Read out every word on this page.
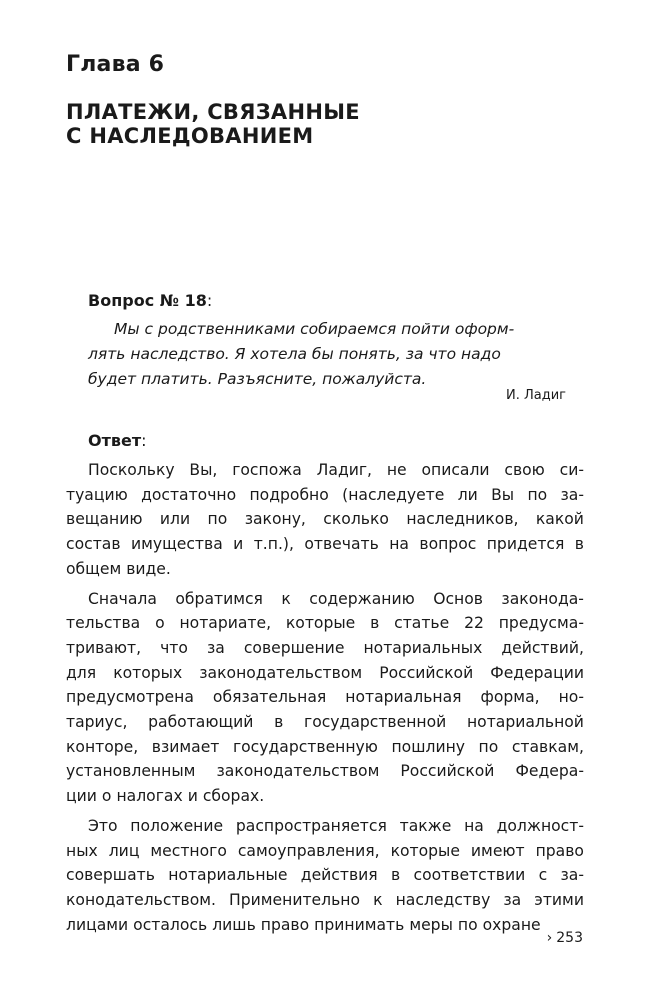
Глава 6
ПЛАТЕЖИ, СВЯЗАННЫЕ
С НАСЛЕДОВАНИЕМ
Вопрос № 18:
Мы с родственниками собираемся пойти оформ-
лять наследство. Я хотела бы понять, за что надо
будет платить. Разъясните, пожалуйста.
И. Ладиг
Ответ:
Поскольку Вы, госпожа Ладиг, не описали свою си-
туацию достаточно подробно (наследуете ли Вы по за-
вещанию или по закону, сколько наследников, какой
состав имущества и т.п.), отвечать на вопрос придется в
общем виде.
Сначала обратимся к содержанию Основ законода-
тельства о нотариате, которые в статье 22 предусма-
тривают, что за совершение нотариальных действий,
для которых законодательством Российской Федерации
предусмотрена обязательная нотариальная форма, но-
тариус, работающий в государственной нотариальной
конторе, взимает государственную пошлину по ставкам,
установленным законодательством Российской Федера-
ции о налогах и сборах.
Это положение распространяется также на должност-
ных лиц местного самоуправления, которые имеют право
совершать нотариальные действия в соответствии с за-
конодательством. Применительно к наследству за этими
лицами осталось лишь право принимать меры по охране
› 253
